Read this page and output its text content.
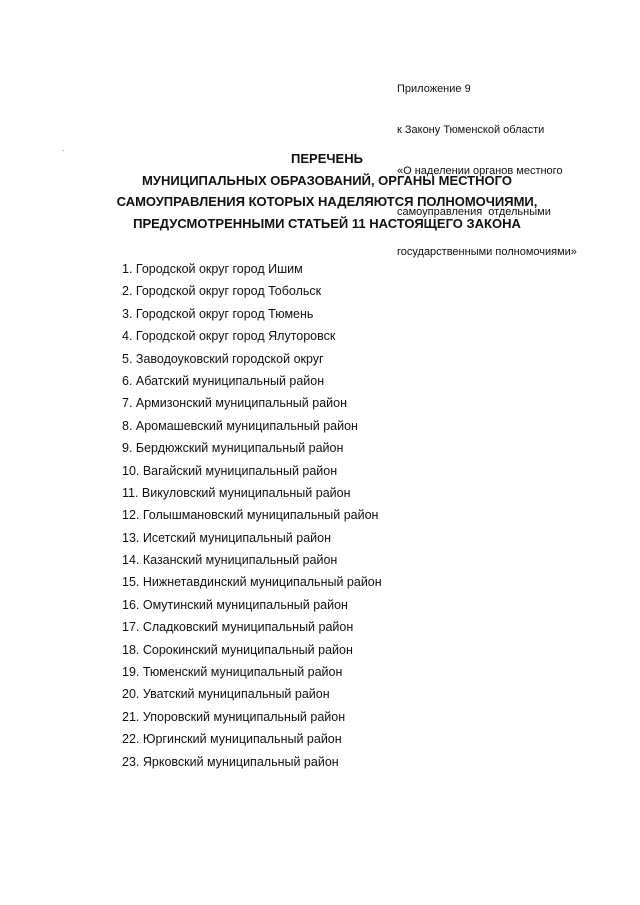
Приложение 9

к Закону Тюменской области

«О наделении органов местного

самоуправления  отдельными

государственными полномочиями»

ПЕРЕЧЕНЬ
МУНИЦИПАЛЬНЫХ ОБРАЗОВАНИЙ, ОРГАНЫ МЕСТНОГО
САМОУПРАВЛЕНИЯ КОТОРЫХ НАДЕЛЯЮТСЯ ПОЛНОМОЧИЯМИ,
ПРЕДУСМОТРЕННЫМИ СТАТЬЕЙ 11 НАСТОЯЩЕГО ЗАКОНА
1. Городской округ город Ишим
2. Городской округ город Тобольск
3. Городской округ город Тюмень
4. Городской округ город Ялуторовск
5. Заводоуковский городской округ
6. Абатский муниципальный район
7. Армизонский муниципальный район
8. Аромашевский муниципальный район
9. Бердюжский муниципальный район
10. Вагайский муниципальный район
11. Викуловский муниципальный район
12. Голышмановский муниципальный район
13. Исетский муниципальный район
14. Казанский муниципальный район
15. Нижнетавдинский муниципальный район
16. Омутинский муниципальный район
17. Сладковский муниципальный район
18. Сорокинский муниципальный район
19. Тюменский муниципальный район
20. Уватский муниципальный район
21. Упоровский муниципальный район
22. Юргинский муниципальный район
23. Ярковский муниципальный район
